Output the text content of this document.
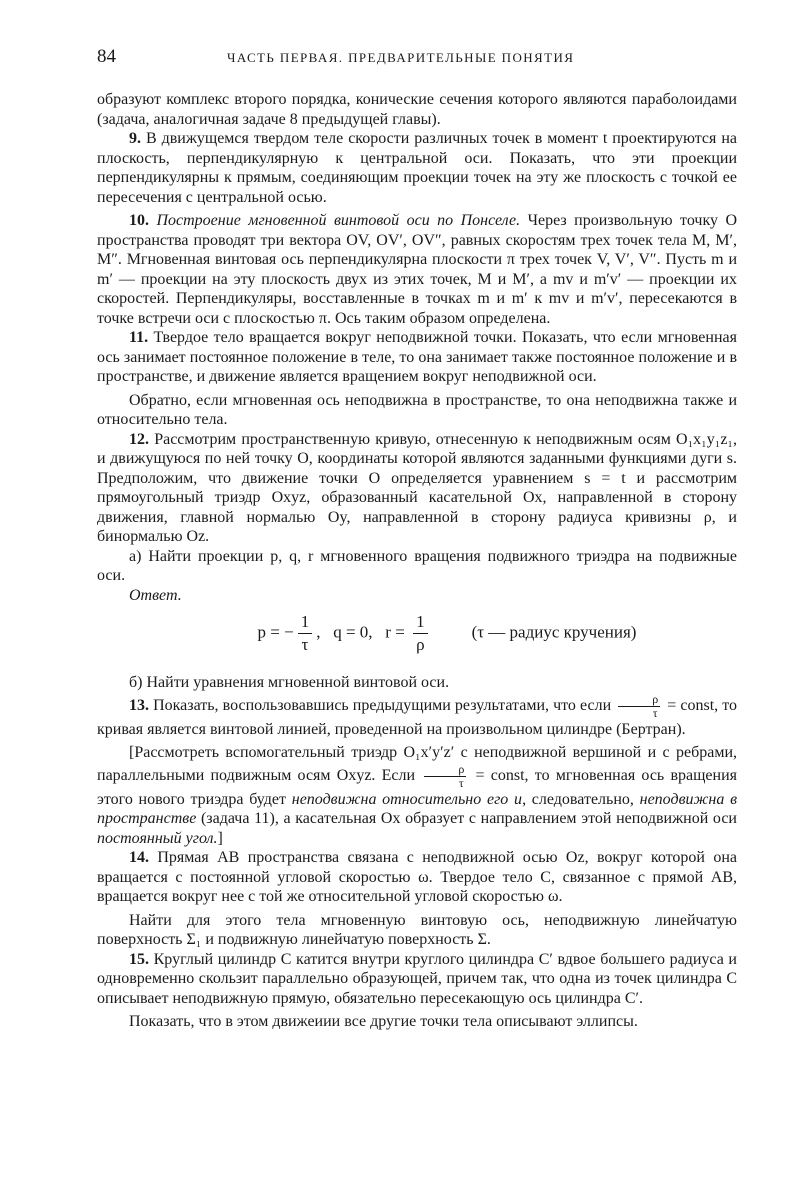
84	ЧАСТЬ ПЕРВАЯ. ПРЕДВАРИТЕЛЬНЫЕ ПОНЯТИЯ

образуют комплекс второго порядка, конические сечения которого являются параболоидами (задача, аналогичная задаче 8 предыдущей главы).

9. В движущемся твердом теле скорости различных точек в момент t проектируются на плоскость, перпендикулярную к центральной оси. Показать, что эти проекции перпендикулярны к прямым, соединяющим проекции точек на эту же плоскость с точкой ее пересечения с центральной осью.

10. Построение мгновенной винтовой оси по Понселе. Через произвольную точку O пространства проводят три вектора OV, OV′, OV″, равных скоростям трех точек тела M, M′, M″. Мгновенная винтовая ось перпендикулярна плоскости π трех точек V, V′, V″. Пусть m и m′ — проекции на эту плоскость двух из этих точек, M и M′, а mv и m′v′ — проекции их скоростей. Перпендикуляры, восставленные в точках m и m′ к mv и m′v′, пересекаются в точке встречи оси с плоскостью π. Ось таким образом определена.

11. Твердое тело вращается вокруг неподвижной точки. Показать, что если мгновенная ось занимает постоянное положение в теле, то она занимает также постоянное положение и в пространстве, и движение является вращением вокруг неподвижной оси.

Обратно, если мгновенная ось неподвижна в пространстве, то она неподвижна также и относительно тела.

12. Рассмотрим пространственную кривую, отнесенную к неподвижным осям O₁x₁y₁z₁, и движущуюся по ней точку O, координаты которой являются заданными функциями дуги s. Предположим, что движение точки O определяется уравнением s = t и рассмотрим прямоугольный триэдр Oxyz, образованный касательной Ox, направленной в сторону движения, главной нормалью Oy, направленной в сторону радиуса кривизны ρ, и бинормалью Oz.

а) Найти проекции p, q, r мгновенного вращения подвижного триэдра на подвижные оси.

Ответ.

p = − $\frac{1}{\tau}$ ,   q = 0,   $r = \frac{1}{\rho}$	(τ — радиус кручения)

б) Найти уравнения мгновенной винтовой оси.

13. Показать, воспользовавшись предыдущими результатами, что если $\frac{\rho}{\tau}$ = const, то кривая является винтовой линией, проведенной на произвольном цилиндре (Бертран).

[Рассмотреть вспомогательный триэдр O₁x′y′z′ с неподвижной вершиной и с ребрами, параллельными подвижным осям Oxyz. Если $\frac{\rho}{\tau}$ = const, то мгновенная ось вращения этого нового триэдра будет неподвижна относительно его u, следовательно, неподвижна в пространстве (задача 11), а касательная Ox образует с направлением этой неподвижной оси постоянный угол.]

14. Прямая AB пространства связана с неподвижной осью Oz, вокруг которой она вращается с постоянной угловой скоростью ω. Твердое тело C, связанное с прямой AB, вращается вокруг нее с той же относительной угловой скоростью ω.

Найти для этого тела мгновенную винтовую ось, неподвижную линейчатую поверхность Σ₁ и подвижную линейчатую поверхность Σ.

15. Круглый цилиндр C катится внутри круглого цилиндра C′ вдвое большего радиуса и одновременно скользит параллельно образующей, причем так, что одна из точек цилиндра C описывает неподвижную прямую, обязательно пересекающую ось цилиндра C′.

Показать, что в этом движеиии все другие точки тела описывают эллипсы.
